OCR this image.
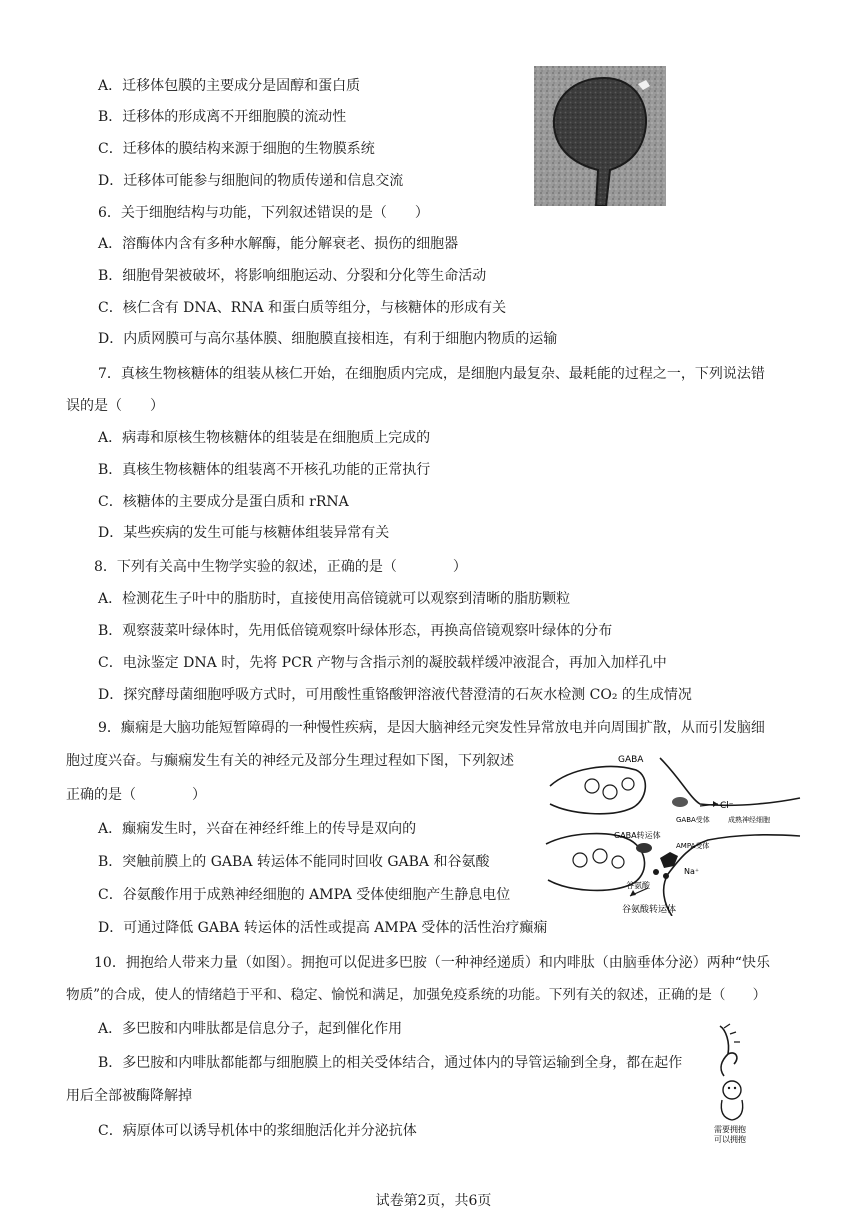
A．迁移体包膜的主要成分是固醇和蛋白质
B．迁移体的形成离不开细胞膜的流动性
C．迁移体的膜结构来源于细胞的生物膜系统
D．迁移体可能参与细胞间的物质传递和信息交流
6．关于细胞结构与功能，下列叙述错误的是（　　）
A．溶酶体内含有多种水解酶，能分解衰老、损伤的细胞器
B．细胞骨架被破坏，将影响细胞运动、分裂和分化等生命活动
C．核仁含有 DNA、RNA 和蛋白质等组分，与核糖体的形成有关
D．内质网膜可与高尔基体膜、细胞膜直接相连，有利于细胞内物质的运输
7．真核生物核糖体的组装从核仁开始，在细胞质内完成，是细胞内最复杂、最耗能的过程之一，下列说法错
误的是（　　）
A．病毒和原核生物核糖体的组装是在细胞质上完成的
B．真核生物核糖体的组装离不开核孔功能的正常执行
C．核糖体的主要成分是蛋白质和 rRNA
D．某些疾病的发生可能与核糖体组装异常有关
8．下列有关高中生物学实验的叙述，正确的是（　　　　）
A．检测花生子叶中的脂肪时，直接使用高倍镜就可以观察到清晰的脂肪颗粒
B．观察菠菜叶绿体时，先用低倍镜观察叶绿体形态，再换高倍镜观察叶绿体的分布
C．电泳鉴定 DNA 时，先将 PCR 产物与含指示剂的凝胶载样缓冲液混合，再加入加样孔中
D．探究酵母菌细胞呼吸方式时，可用酸性重铬酸钾溶液代替澄清的石灰水检测 CO₂ 的生成情况
9．癫痫是大脑功能短暂障碍的一种慢性疾病，是因大脑神经元突发性异常放电并向周围扩散，从而引发脑细
胞过度兴奋。与癫痫发生有关的神经元及部分生理过程如下图，下列叙述
正确的是（　　　　）
A．癫痫发生时，兴奋在神经纤维上的传导是双向的
B．突触前膜上的 GABA 转运体不能同时回收 GABA 和谷氨酸
C．谷氨酸作用于成熟神经细胞的 AMPA 受体使细胞产生静息电位
D．可通过降低 GABA 转运体的活性或提高 AMPA 受体的活性治疗癫痫
10．拥抱给人带来力量（如图）。拥抱可以促进多巴胺（一种神经递质）和内啡肽（由脑垂体分泌）两种“快乐
物质”的合成，使人的情绪趋于平和、稳定、愉悦和满足，加强免疫系统的功能。下列有关的叙述，正确的是（　　）
A．多巴胺和内啡肽都是信息分子，起到催化作用
B．多巴胺和内啡肽都能都与细胞膜上的相关受体结合，通过体内的导管运输到全身，都在起作
用后全部被酶降解掉
C．病原体可以诱导机体中的浆细胞活化并分泌抗体
GABA
Cl⁻
GABA受体	成熟神经细胞
GABA转运体
AMPA受体
Na⁺
谷氨酸
谷氨酸转运体
需要拥抱
可以拥抱
试卷第2页，共6页
